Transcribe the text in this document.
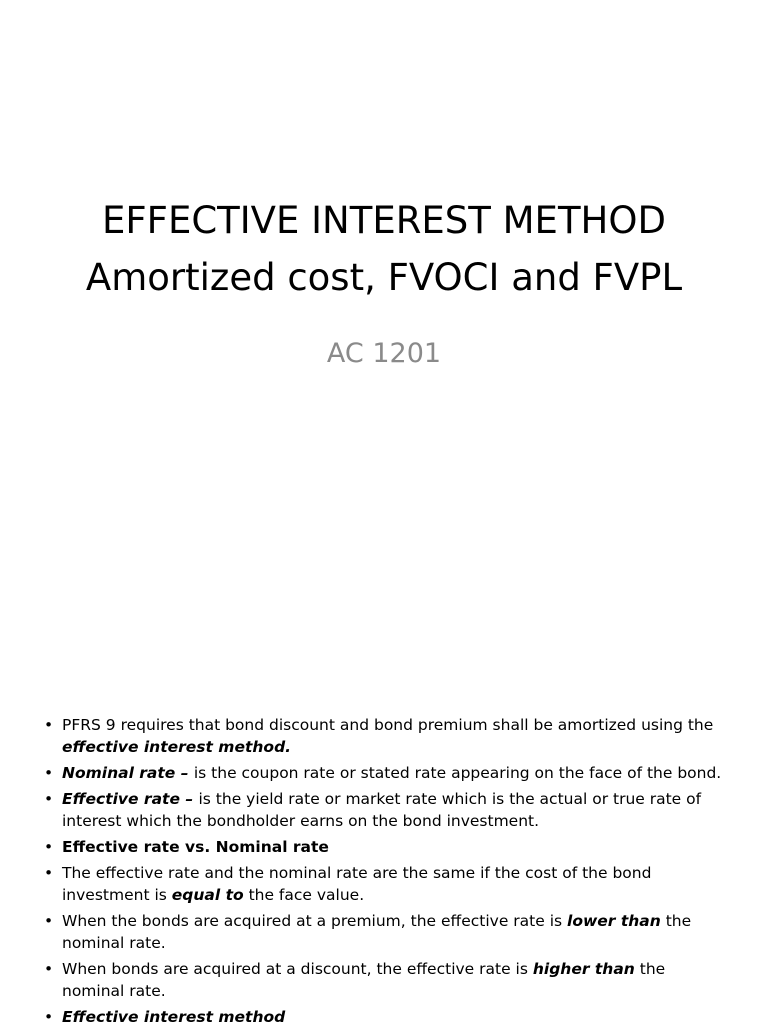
EFFECTIVE INTEREST METHOD
Amortized cost, FVOCI and FVPL

AC 1201

• PFRS 9 requires that bond discount and bond premium shall be amortized using the effective interest method.
• Nominal rate – is the coupon rate or stated rate appearing on the face of the bond.
• Effective rate – is the yield rate or market rate which is the actual or true rate of interest which the bondholder earns on the bond investment.
• Effective rate vs. Nominal rate
• The effective rate and the nominal rate are the same if the cost of the bond investment is equal to the face value.
• When the bonds are acquired at a premium, the effective rate is lower than the nominal rate.
• When bonds are acquired at a discount, the effective rate is higher than the nominal rate.
• Effective interest method
